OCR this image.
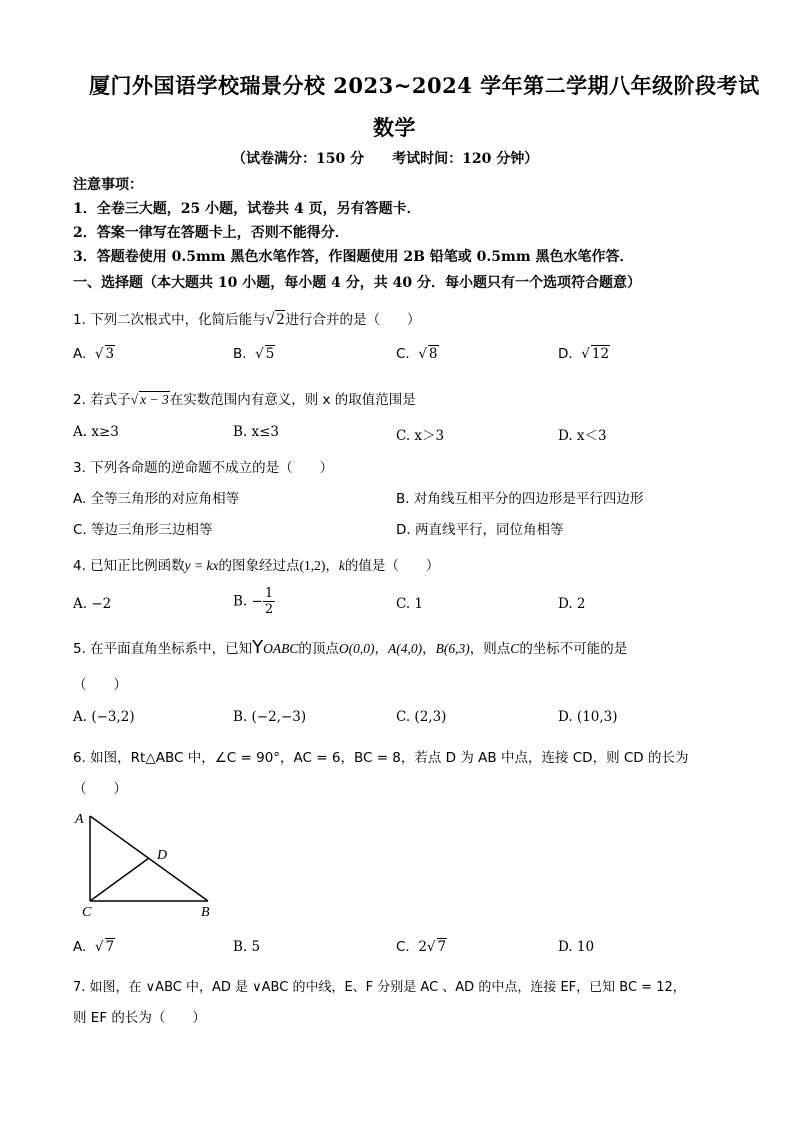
厦门外国语学校瑞景分校 2023~2024 学年第二学期八年级阶段考试
数学
（试卷满分：150 分　　考试时间：120 分钟）
注意事项：
1．全卷三大题，25 小题，试卷共 4 页，另有答题卡．
2．答案一律写在答题卡上，否则不能得分．
3．答题卷使用 0.5mm 黑色水笔作答，作图题使用 2B 铅笔或 0.5mm 黑色水笔作答．
一、选择题（本大题共 10 小题，每小题 4 分，共 40 分．每小题只有一个选项符合题意）
1. 下列二次根式中，化简后能与√ 2进行合并的是（　　）
A. √ 3	B. √ 5	C. √ 8	D. √ 12
2. 若式子√ x − 3在实数范围内有意义，则 x 的取值范围是
A. x≥3	B. x≤3	C. x＞3	D. x＜3
3. 下列各命题的逆命题不成立的是（　　）
A. 全等三角形的对应角相等	B. 对角线互相平分的四边形是平行四边形
C. 等边三角形三边相等	D. 两直线平行，同位角相等
4. 已知正比例函数y = kx的图象经过点(1,2)，k的值是（　　）
A. −2	B. − $\frac{1}{2}$	C. 1	D. 2
5. 在平面直角坐标系中，已知YOABC的顶点O(0,0)，A(4,0)，B(6,3)，则点C的坐标不可能的是
（　　）
A. (−3,2)	B. (−2,−3)	C. (2,3)	D. (10,3)
6. 如图，Rt△ABC 中，∠C = 90°，AC = 6，BC = 8，若点 D 为 AB 中点，连接 CD，则 CD 的长为
（　　）
A
D
C	B
A. √ 7	B. 5	C. 2√ 7	D. 10
7. 如图，在 ∨ABC 中，AD 是 ∨ABC 的中线，E、F 分别是 AC 、AD 的中点，连接 EF，已知 BC = 12，
则 EF 的长为（　　）
